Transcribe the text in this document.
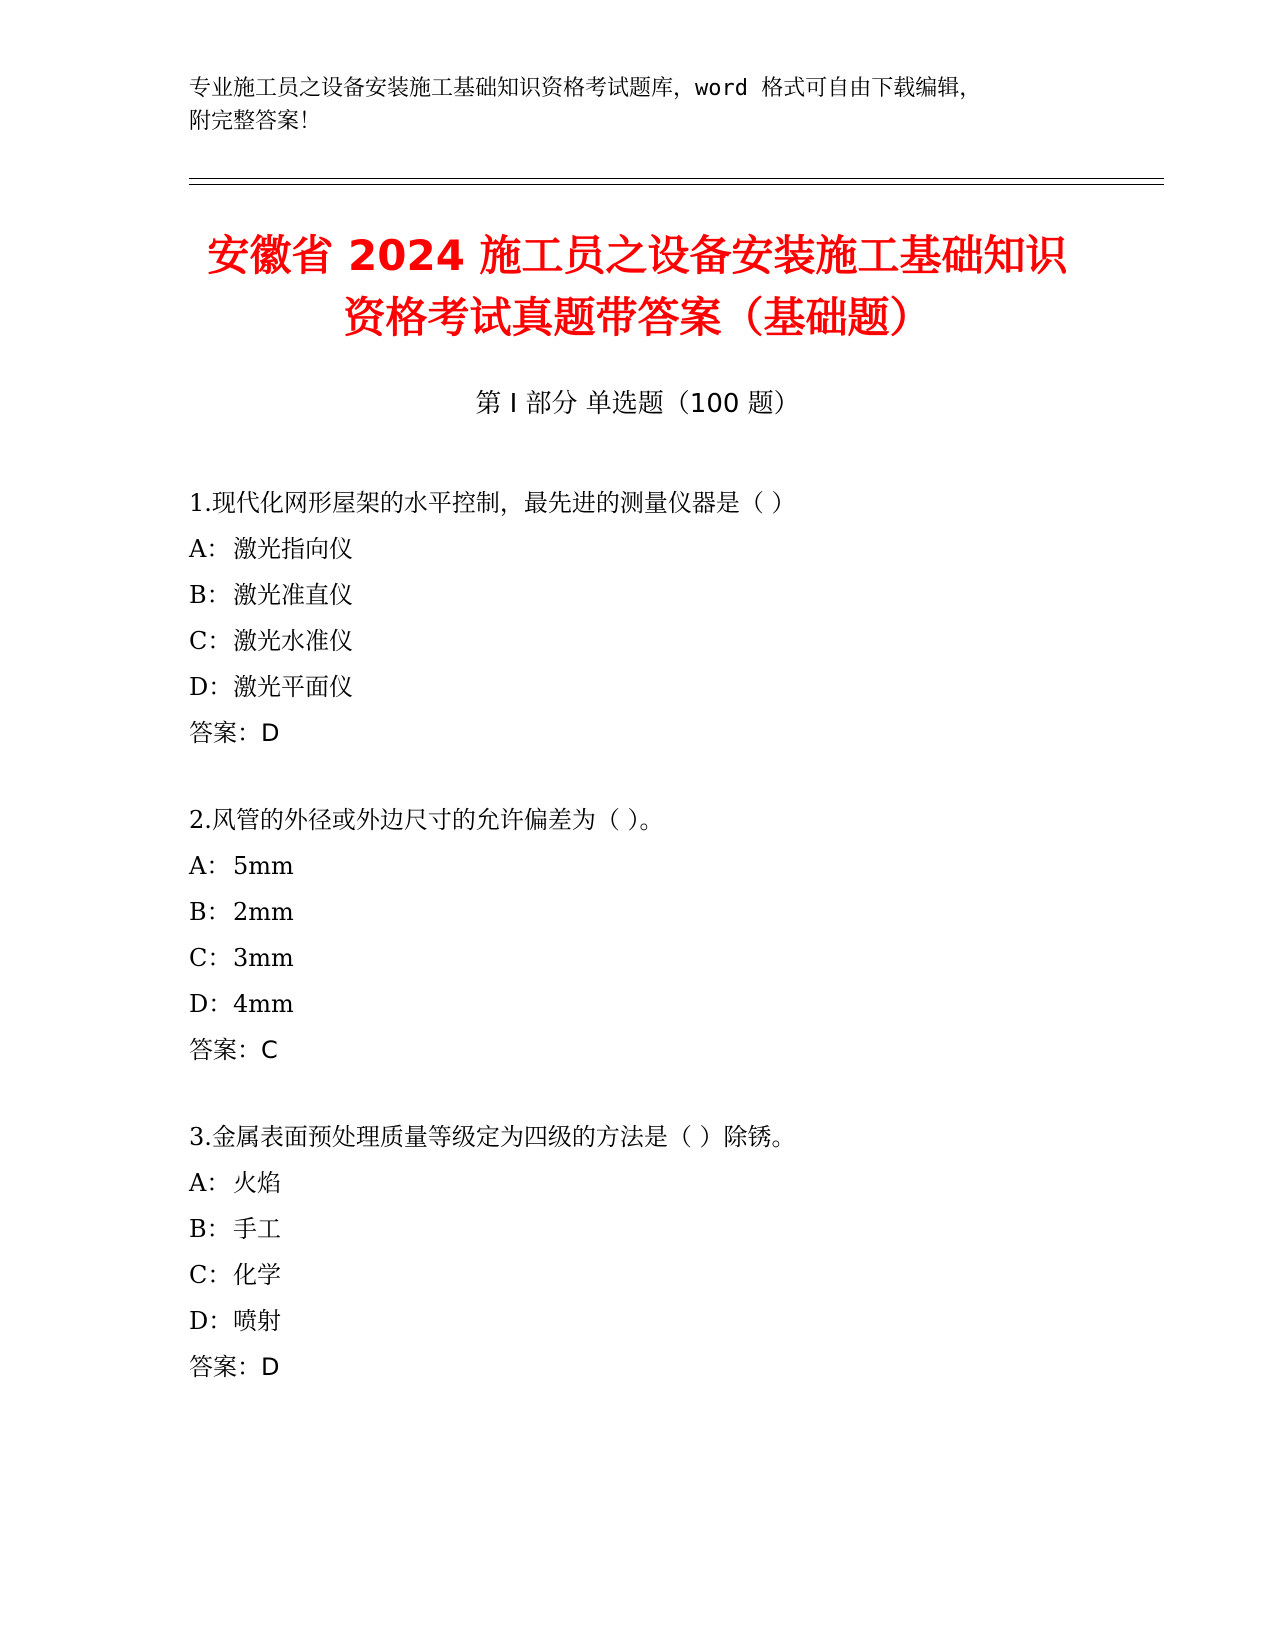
专业施工员之设备安装施工基础知识资格考试题库，word 格式可自由下载编辑，
附完整答案！
安徽省 2024 施工员之设备安装施工基础知识
资格考试真题带答案（基础题）
第 I 部分 单选题（100 题）
1.现代化网形屋架的水平控制，最先进的测量仪器是（ ）
A： 激光指向仪
B：激光准直仪
C：激光水准仪
D：激光平面仪
答案：D
2.风管的外径或外边尺寸的允许偏差为（ ）。
A： 5mm
B：2mm
C：3mm
D：4mm
答案：C
3.金属表面预处理质量等级定为四级的方法是（ ）除锈。
A： 火焰
B：手工
C：化学
D：喷射
答案：D
